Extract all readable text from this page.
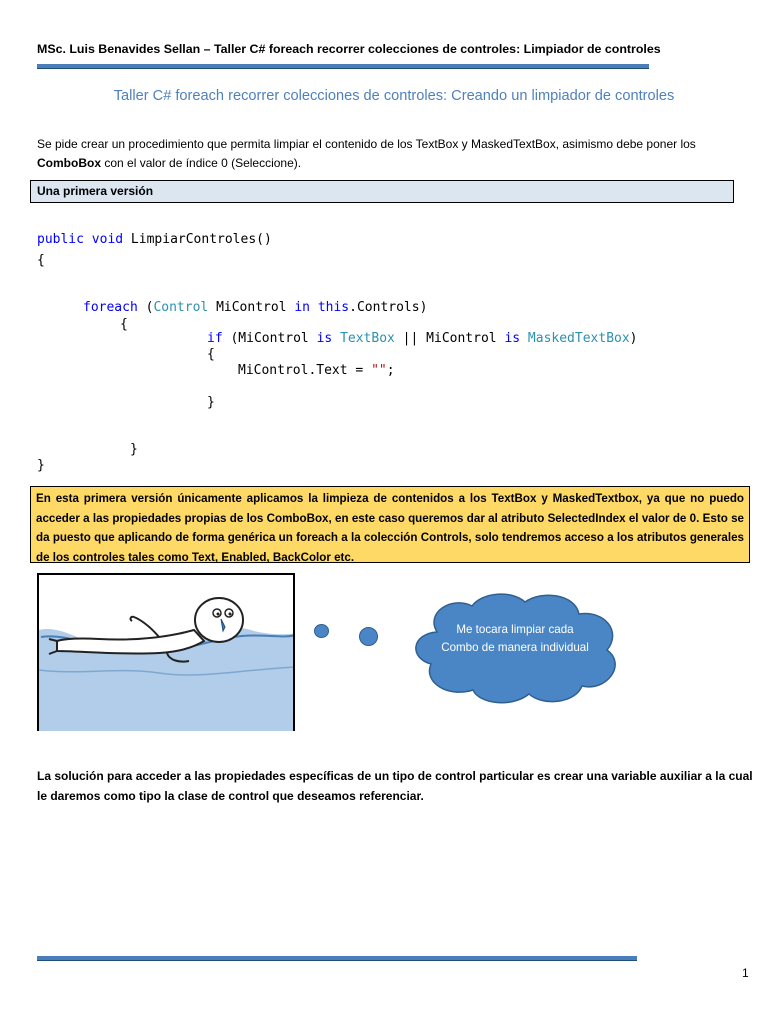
MSc. Luis Benavides Sellan – Taller C# foreach recorrer colecciones de controles: Limpiador de controles
Taller C# foreach recorrer colecciones de controles: Creando un limpiador de controles
Se pide crear un procedimiento que permita limpiar el contenido de los TextBox y MaskedTextBox, asimismo debe poner los ComboBox con el valor de índice 0 (Seleccione).
Una primera versión
public void LimpiarControles()
{
foreach (Control MiControl in this.Controls)
{
if (MiControl is TextBox || MiControl is MaskedTextBox)
{
MiControl.Text = "";
}
}
}
En esta primera versión únicamente aplicamos la limpieza de contenidos a los TextBox y MaskedTextbox, ya que no puedo acceder a las propiedades propias de los ComboBox, en este caso queremos dar al atributo SelectedIndex el valor de 0. Esto se da puesto que aplicando de forma genérica un foreach a la colección Controls, solo tendremos acceso a los atributos generales de los controles tales como Text, Enabled, BackColor etc.
Me tocara limpiar cada Combo de manera individual
La solución para acceder a las propiedades específicas de un tipo de control particular es crear una variable auxiliar a la cual le daremos como tipo la clase de control que deseamos referenciar.
1
